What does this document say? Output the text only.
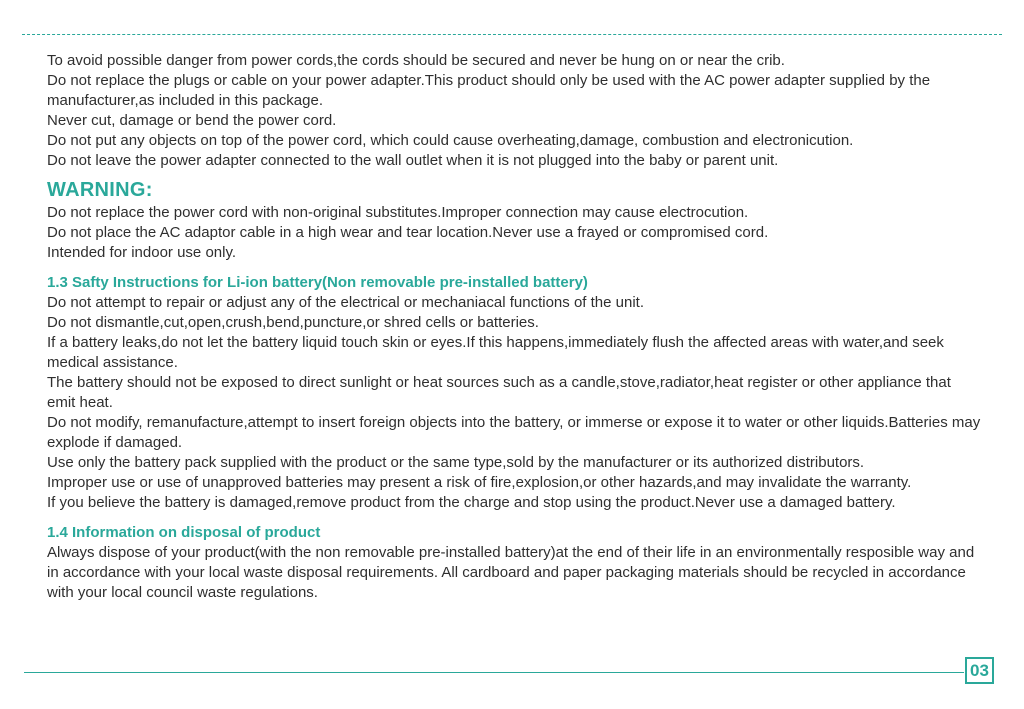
To avoid possible danger from power cords,the cords should be secured and never be hung on or near the crib.

Do not replace the plugs or cable on your power adapter.This product should only be used with the AC power adapter supplied by the manufacturer,as included in this package.

Never cut, damage or bend the power cord.

Do not put any objects on top of the power cord, which could cause overheating,damage, combustion and electronicution.

Do not leave the power adapter connected to the wall outlet when it is not plugged into the baby or parent unit.

WARNING:

Do not replace the power cord with non-original substitutes.Improper connection may cause electrocution.

Do not place the AC adaptor cable in a high wear and tear location.Never use a frayed or compromised cord.

Intended for indoor use only.

1.3 Safty Instructions for Li-ion battery(Non removable pre-installed battery)

Do not attempt to repair or adjust any of the electrical or mechaniacal functions of the unit.

Do not dismantle,cut,open,crush,bend,puncture,or shred cells or batteries.

If a battery leaks,do not let the battery liquid touch skin or eyes.If this happens,immediately flush the affected areas with water,and seek medical assistance.

The battery should not be exposed to direct sunlight or heat sources such as a candle,stove,radiator,heat register or other appliance that emit heat.

Do not modify, remanufacture,attempt to insert foreign objects into the battery, or immerse or expose it to water or other liquids.Batteries may explode if damaged.

Use only the battery pack supplied with the product or the same type,sold by the manufacturer or its authorized distributors.

Improper use or use of unapproved batteries may present a risk of fire,explosion,or other hazards,and may invalidate the warranty.

If you believe the battery is damaged,remove product from the charge and stop using the product.Never use a damaged battery.

1.4 Information on disposal of product

Always dispose of your product(with the non removable pre-installed battery)at the end of their life in an environmentally resposible way and in accordance with your local waste disposal requirements. All cardboard and paper packaging materials should be recycled in accordance with your local council waste regulations.

03
